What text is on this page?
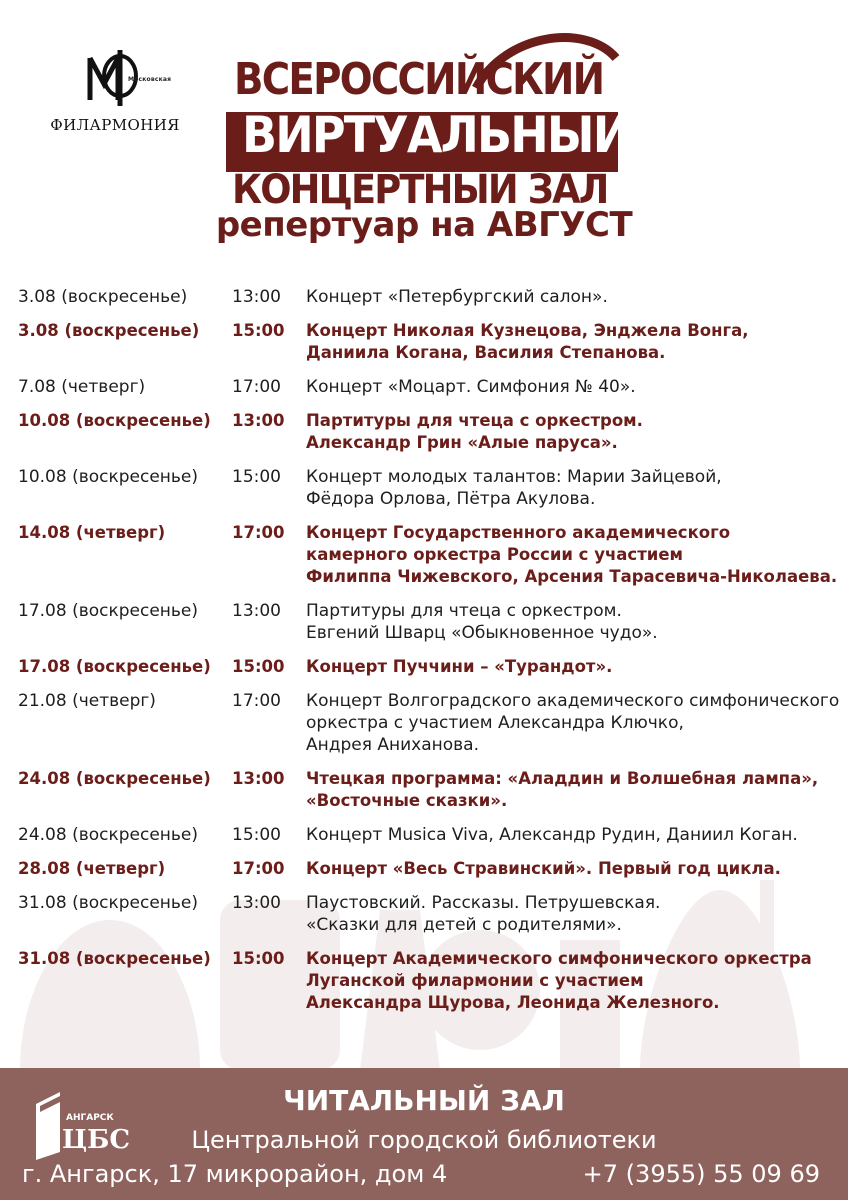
Московская
ФИЛАРМОНИЯ
ВСЕРОССИЙСКИЙ
ВИРТУАЛЬНЫЙ
КОНЦЕРТНЫЙ ЗАЛ
репертуар на АВГУСТ
3.08 (воскресенье)	13:00 Концерт «Петербургский салон».
3.08 (воскресенье) 15:00 Концерт Николая Кузнецова, Энджела Вонга,
Даниила Когана, Василия Степанова.
7.08 (четверг)	17:00 Концерт «Моцарт. Симфония № 40».
10.08 (воскресенье) 13:00 Партитуры для чтеца с оркестром.
Александр Грин «Алые паруса».
10.08 (воскресенье) 15:00 Концерт молодых талантов: Марии Зайцевой,
Фёдора Орлова, Пётра Акулова.
14.08 (четверг)	17:00 Концерт Государственного академического
камерного оркестра России с участием
Филиппа Чижевского, Арсения Тарасевича-Николаева.
17.08 (воскресенье) 13:00 Партитуры для чтеца с оркестром.
Евгений Шварц «Обыкновенное чудо».
17.08 (воскресенье) 15:00 Концерт Пуччини – «Турандот».
21.08 (четверг)	17:00 Концерт Волгоградского академического симфонического
оркестра с участием Александра Ключко,
Андрея Аниханова.
24.08 (воскресенье) 13:00 Чтецкая программа: «Аладдин и Волшебная лампа»,
«Восточные сказки».
24.08 (воскресенье) 15:00 Концерт Musica Viva, Александр Рудин, Даниил Коган.
28.08 (четверг)	17:00 Концерт «Весь Стравинский». Первый год цикла.
31.08 (воскресенье) 13:00 Паустовский. Рассказы. Петрушевская.
«Сказки для детей с родителями».
31.08 (воскресенье) 15:00 Концерт Академического симфонического оркестра
Луганской филармонии с участием
Александра Щурова, Леонида Железного.
АНГАРСК
ЦБС
ЧИТАЛЬНЫЙ ЗАЛ
Центральной городской библиотеки
г. Ангарск, 17 микрорайон, дом 4	+7 (3955) 55 09 69
